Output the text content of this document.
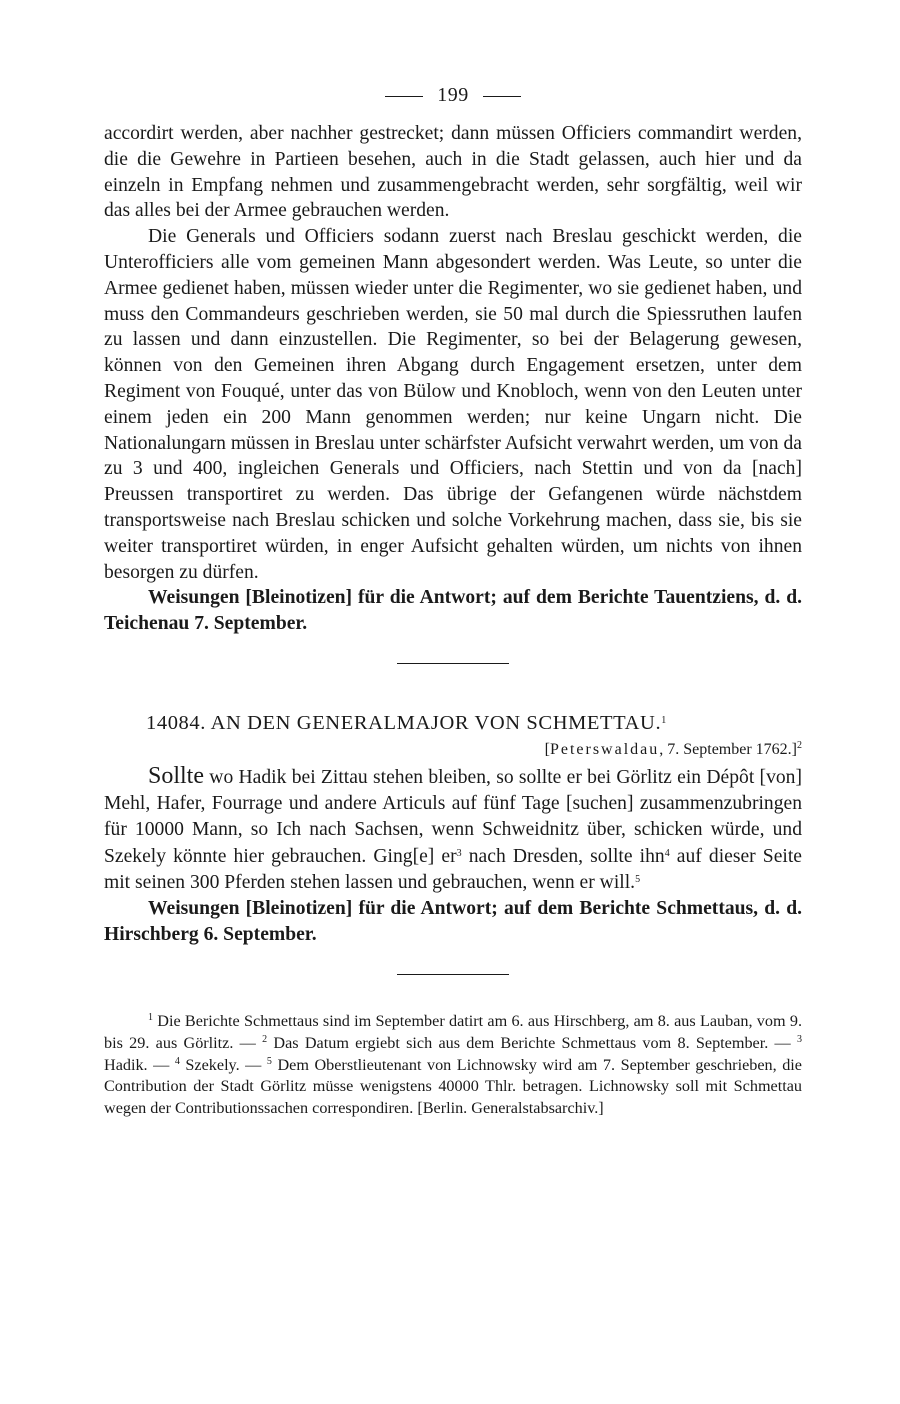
199

accordirt werden, aber nachher gestrecket; dann müssen Officiers commandirt werden, die die Gewehre in Partieen besehen, auch in die Stadt gelassen, auch hier und da einzeln in Empfang nehmen und zusammengebracht werden, sehr sorgfältig, weil wir das alles bei der Armee gebrauchen werden.

Die Generals und Officiers sodann zuerst nach Breslau geschickt werden, die Unterofficiers alle vom gemeinen Mann abgesondert werden. Was Leute, so unter die Armee gedienet haben, müssen wieder unter die Regimenter, wo sie gedienet haben, und muss den Commandeurs geschrieben werden, sie 50 mal durch die Spiessruthen laufen zu lassen und dann einzustellen. Die Regimenter, so bei der Belagerung gewesen, können von den Gemeinen ihren Abgang durch Engagement ersetzen, unter dem Regiment von Fouqué, unter das von Bülow und Knobloch, wenn von den Leuten unter einem jeden ein 200 Mann genommen werden; nur keine Ungarn nicht. Die Nationalungarn müssen in Breslau unter schärfster Aufsicht verwahrt werden, um von da zu 3 und 400, ingleichen Generals und Officiers, nach Stettin und von da [nach] Preussen transportiret zu werden. Das übrige der Gefangenen würde nächstdem transportsweise nach Breslau schicken und solche Vorkehrung machen, dass sie, bis sie weiter transportiret würden, in enger Aufsicht gehalten würden, um nichts von ihnen besorgen zu dürfen.

Weisungen [Bleinotizen] für die Antwort; auf dem Berichte Tauentziens, d. d. Teichenau 7. September.

14084. AN DEN GENERALMAJOR VON SCHMETTAU.$^1$
[Peterswaldau, 7. September 1762.]$^2$

Sollte wo Hadik bei Zittau stehen bleiben, so sollte er bei Görlitz ein Dépôt [von] Mehl, Hafer, Fourrage und andere Articuls auf fünf Tage [suchen] zusammenzubringen für 10000 Mann, so Ich nach Sachsen, wenn Schweidnitz über, schicken würde, und Szekely könnte hier gebrauchen. Ging[e] $er^3$ nach Dresden, sollte ihn$^4$ auf dieser Seite mit seinen 300 Pferden stehen lassen und gebrauchen, wenn er will.$^5$

Weisungen [Bleinotizen] für die Antwort; auf dem Berichte Schmettaus, d. d. Hirschberg 6. September.

$^1$ Die Berichte Schmettaus sind im September datirt am 6. aus Hirschberg, am 8. aus Lauban, vom 9. bis 29. aus Görlitz. — $^2$ Das Datum ergiebt sich aus dem Berichte Schmettaus vom 8. September. — $^3$ Hadik. — $^4$ Szekely. — $^5$ Dem Oberstlieutenant von Lichnowsky wird am 7. September geschrieben, die Contribution der Stadt Görlitz müsse wenigstens 40000 Thlr. betragen. Lichnowsky soll mit Schmettau wegen der Contributionssachen correspondiren. [Berlin. Generalstabsarchiv.]
